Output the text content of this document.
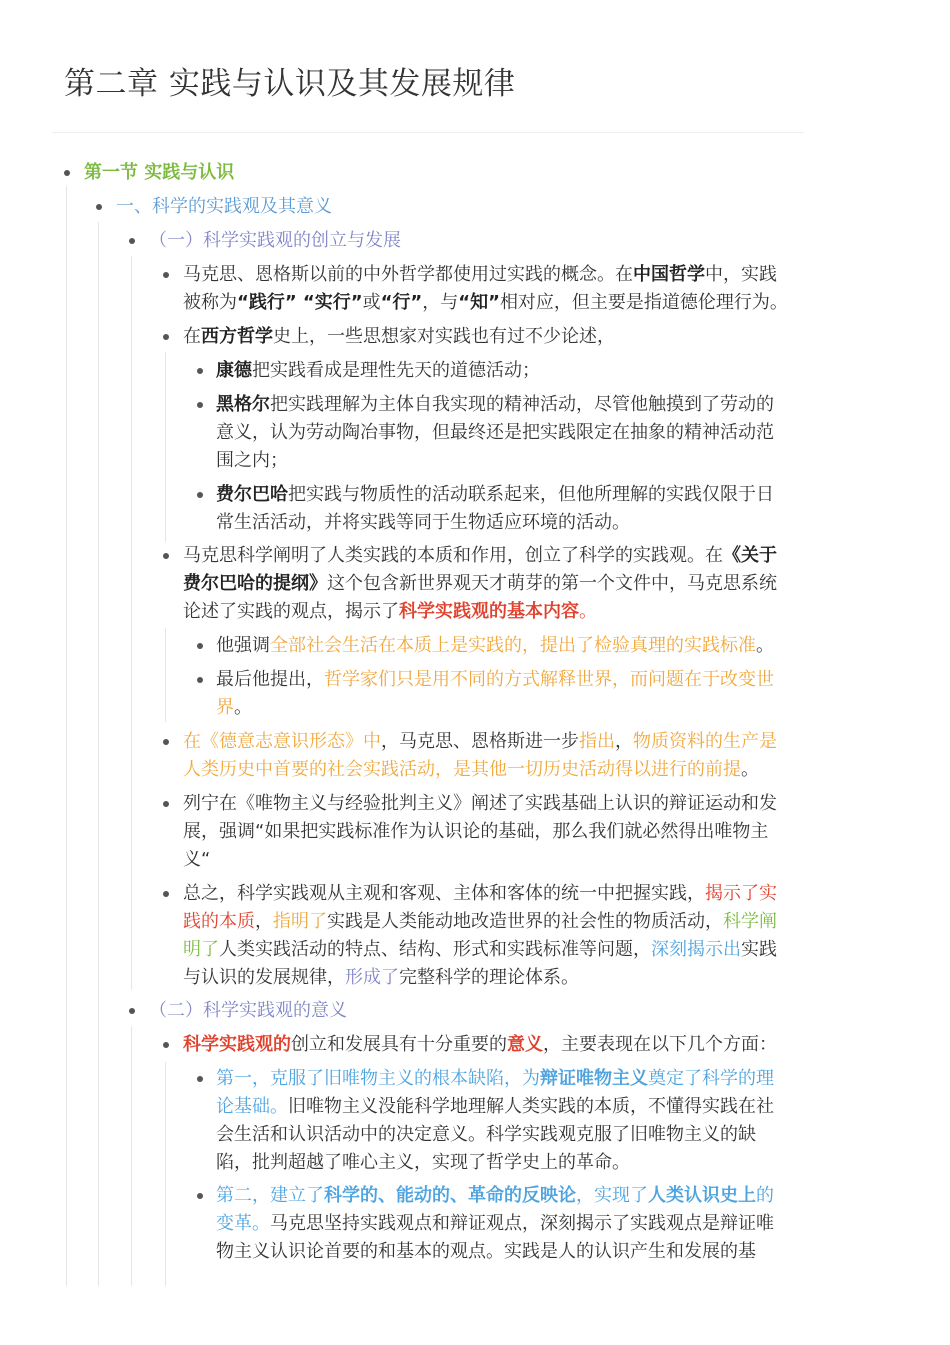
第二章 实践与认识及其发展规律
第一节 实践与认识
一、科学的实践观及其意义
（一）科学实践观的创立与发展
马克思、恩格斯以前的中外哲学都使用过实践的概念。在中国哲学中，实践
被称为“践行” “实行”或“行”，与“知”相对应，但主要是指道德伦理行为。
在西方哲学史上，一些思想家对实践也有过不少论述，
康德把实践看成是理性先天的道德活动；
黑格尔把实践理解为主体自我实现的精神活动，尽管他触摸到了劳动的
意义，认为劳动陶冶事物，但最终还是把实践限定在抽象的精神活动范
围之内；
费尔巴哈把实践与物质性的活动联系起来，但他所理解的实践仅限于日
常生活活动，并将实践等同于生物适应环境的活动。
马克思科学阐明了人类实践的本质和作用，创立了科学的实践观。在《关于
费尔巴哈的提纲》这个包含新世界观天才萌芽的第一个文件中，马克思系统
论述了实践的观点，揭示了科学实践观的基本内容。
他强调全部社会生活在本质上是实践的，提出了检验真理的实践标准。
最后他提出，哲学家们只是用不同的方式解释世界，而问题在于改变世
界。
在《德意志意识形态》中，马克思、恩格斯进一步指出，物质资料的生产是
人类历史中首要的社会实践活动，是其他一切历史活动得以进行的前提。
列宁在《唯物主义与经验批判主义》阐述了实践基础上认识的辩证运动和发
展，强调“如果把实践标准作为认识论的基础，那么我们就必然得出唯物主
义“
总之，科学实践观从主观和客观、主体和客体的统一中把握实践，揭示了实
践的本质，指明了实践是人类能动地改造世界的社会性的物质活动，科学阐
明了人类实践活动的特点、结构、形式和实践标准等问题，深刻揭示出实践
与认识的发展规律，形成了完整科学的理论体系。
（二）科学实践观的意义
科学实践观的创立和发展具有十分重要的意义，主要表现在以下几个方面：
第一，克服了旧唯物主义的根本缺陷，为辩证唯物主义奠定了科学的理
论基础。旧唯物主义没能科学地理解人类实践的本质，不懂得实践在社
会生活和认识活动中的决定意义。科学实践观克服了旧唯物主义的缺
陷，批判超越了唯心主义，实现了哲学史上的革命。
第二，建立了科学的、能动的、革命的反映论，实现了人类认识史上的
变革。马克思坚持实践观点和辩证观点，深刻揭示了实践观点是辩证唯
物主义认识论首要的和基本的观点。实践是人的认识产生和发展的基
